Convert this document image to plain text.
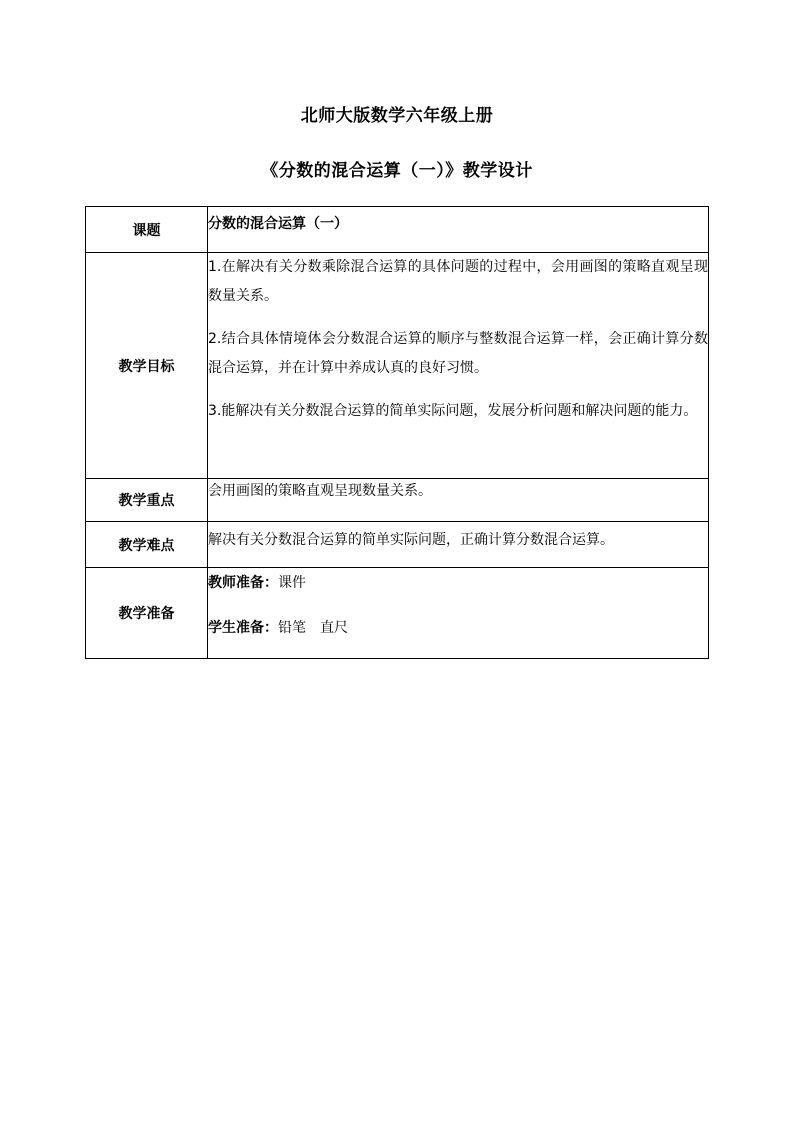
北师大版数学六年级上册
《分数的混合运算（一）》教学设计
课题	分数的混合运算（一）

教学目标	1.在解决有关分数乘除混合运算的具体问题的过程中，会用画图的策略直观呈现数量关系。

2.结合具体情境体会分数混合运算的顺序与整数混合运算一样，会正确计算分数混合运算，并在计算中养成认真的良好习惯。

3.能解决有关分数混合运算的简单实际问题，发展分析问题和解决问题的能力。

教学重点	会用画图的策略直观呈现数量关系。

教学难点	解决有关分数混合运算的简单实际问题，正确计算分数混合运算。

教学准备	教师准备：课件
学生准备：铅笔　直尺
